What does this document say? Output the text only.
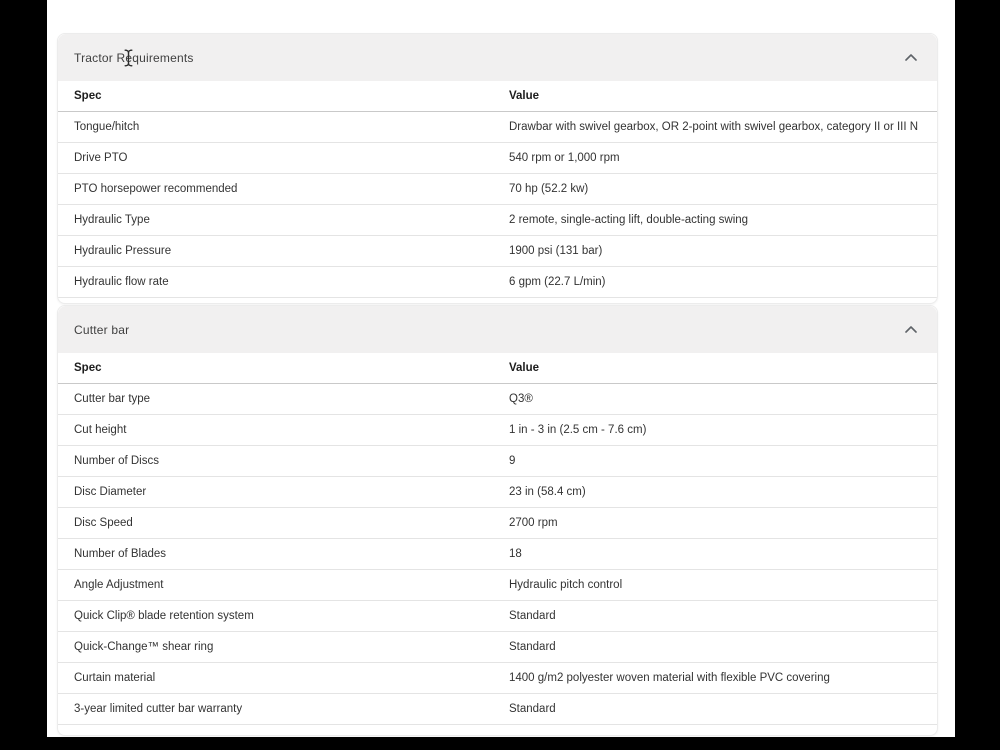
Tractor Requirements
Spec	Value
Tongue/hitch	Drawbar with swivel gearbox, OR 2-point with swivel gearbox, category II or III N
Drive PTO	540 rpm or 1,000 rpm
PTO horsepower recommended	70 hp (52.2 kw)
Hydraulic Type	2 remote, single-acting lift, double-acting swing
Hydraulic Pressure	1900 psi (131 bar)
Hydraulic flow rate	6 gpm (22.7 L/min)
Cutter bar
Spec	Value
Cutter bar type	Q3®
Cut height	1 in - 3 in (2.5 cm - 7.6 cm)
Number of Discs	9
Disc Diameter	23 in (58.4 cm)
Disc Speed	2700 rpm
Number of Blades	18
Angle Adjustment	Hydraulic pitch control
Quick Clip® blade retention system	Standard
Quick-Change™ shear ring	Standard
Curtain material	1400 g/m2 polyester woven material with flexible PVC covering
3-year limited cutter bar warranty	Standard
